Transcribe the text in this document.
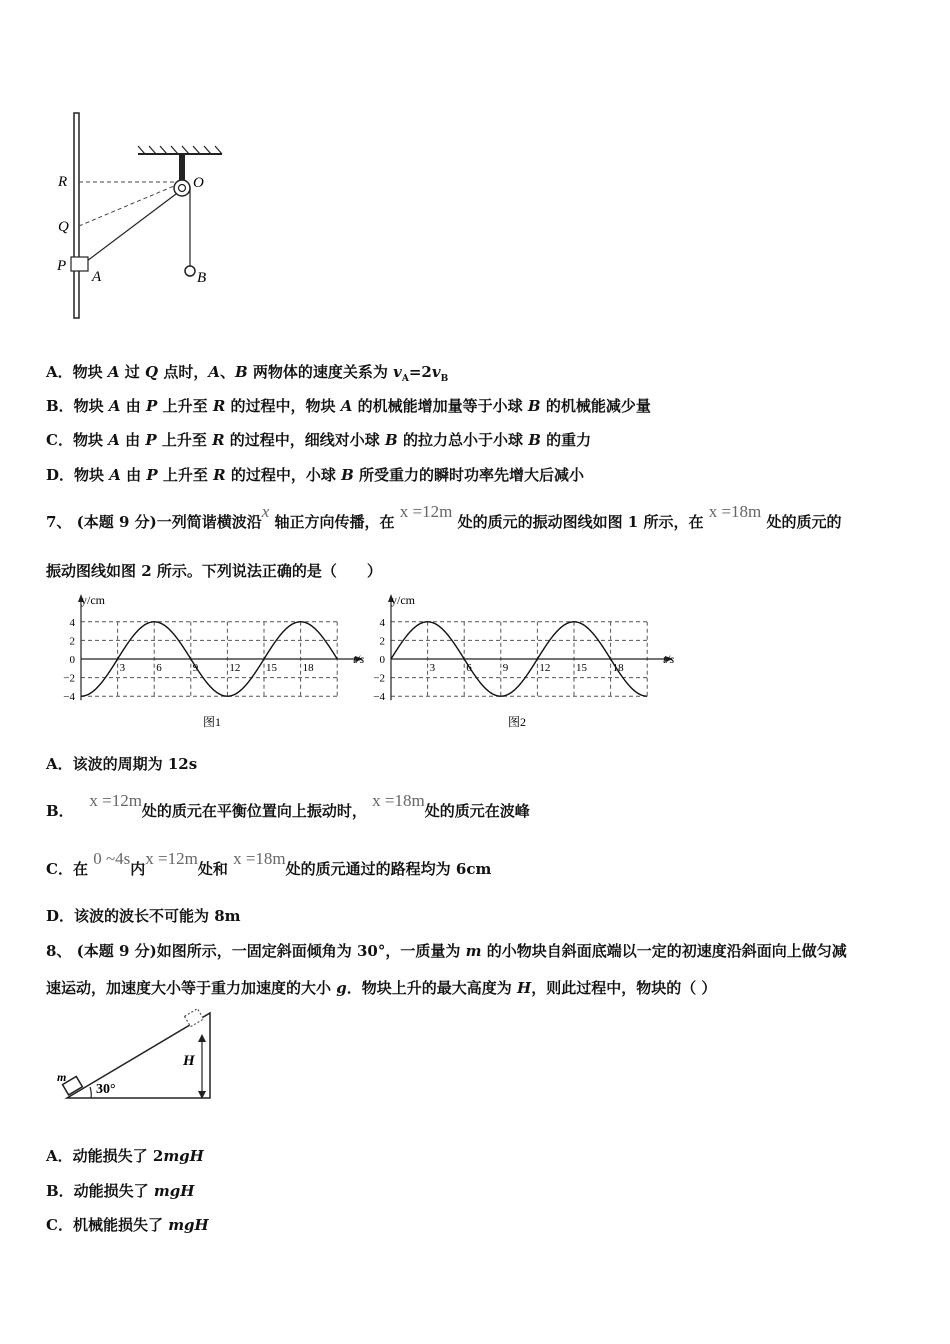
R
Q
P
A
O
B
A．物块 A 过 Q 点时，A、B 两物体的速度关系为 $v_A=2v_B$
B．物块 A 由 P 上升至 R 的过程中，物块 A 的机械能增加量等于小球 B 的机械能减少量
C．物块 A 由 P 上升至 R 的过程中，细线对小球 B 的拉力总小于小球 B 的重力
D．物块 A 由 P 上升至 R 的过程中，小球 B 所受重力的瞬时功率先增大后减小
7、 (本题 9 分)一列简谐横波沿x 轴正方向传播，在 x =12m 处的质元的振动图线如图 1 所示，在 x =18m 处的质元的
振动图线如图 2 所示。下列说法正确的是（　　）
4
2
0
−2
−4
3	6	9	12 15 18
y/cm
t/s
图1
4
2
0
−2
−4
3	6	9	12 15 18
y/cm
t/s
图2
A．该波的周期为 12s
B．   x =12m处的质元在平衡位置向上振动时， x =18m处的质元在波峰
C．在 0 ~4s内x =12m处和 x =18m处的质元通过的路程均为 6cm
D．该波的波长不可能为 8m
8、 (本题 9 分)如图所示，一固定斜面倾角为 30°，一质量为 m 的小物块自斜面底端以一定的初速度沿斜面向上做匀减
速运动，加速度大小等于重力加速度的大小 g．物块上升的最大高度为 H，则此过程中，物块的（ ）
H
m
30°
A．动能损失了 2mgH
B．动能损失了 mgH
C．机械能损失了 mgH
